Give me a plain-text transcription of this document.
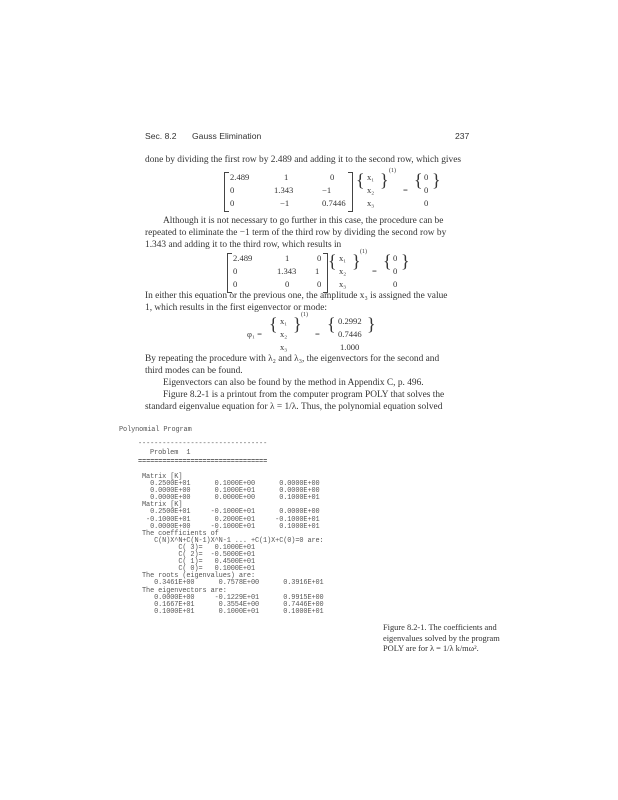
Sec. 8.2 Gauss Elimination	237
done by dividing the first row by 2.489 and adding it to the second row, which gives
2.489	1	0
0	1.343	−1
0	−1	0.7446
{ x₁
x₂
x₃
} (1)
= { 0
0
0
}
Although it is not necessary to go further in this case, the procedure can be
repeated to eliminate the −1 term of the third row by dividing the second row by
1.343 and adding it to the third row, which results in
2.489	1	0
0	1.343 1
0	0	0
{ x₁
x₂
x₃
} (1)
= { 0
0
0
}
In either this equation or the previous one, the amplitude x₃ is assigned the value
1, which results in the first eigenvector or mode:
φ₁ = { x₁
x₂
x₃
} (1)
= { 0.2992
0.7446
1.000
}
By repeating the procedure with λ₂ and λ₃, the eigenvectors for the second and
third modes can be found.
Eigenvectors can also be found by the method in Appendix C, p. 496.
Figure 8.2-1 is a printout from the computer program POLY that solves the
standard eigenvalue equation for λ = 1/λ. Thus, the polynomial equation solved
Polynomial Program
--------------------------------
Problem  1
================================
Matrix [K]
0.2500E+01      0.1000E+00      0.0000E+00
0.0000E+00      0.1000E+01      0.0000E+00
0.0000E+00      0.0000E+00      0.1000E+01
Matrix [K]
0.2500E+01     -0.1000E+01      0.0000E+00
-0.1000E+01      0.2000E+01     -0.1000E+01
0.0000E+00     -0.1000E+01      0.1000E+01
The coefficients of
C(N)X^N+C(N-1)X^N-1 ... +C(1)X+C(0)=0 are:
C( 3)=   0.1000E+01
C( 2)=  -0.5000E+01
C( 1)=   0.4500E+01
C( 0)=   0.1000E+01
The roots (eigenvalues) are:
0.3461E+00      0.7578E+00      0.3916E+01
The eigenvectors are:
0.0000E+00     -0.1229E+01      0.9915E+00
0.1667E+01      0.3554E+00      0.7446E+00
0.1000E+01      0.1000E+01      0.1000E+01
Figure 8.2-1. The coefficients and
eigenvalues solved by the program
POLY are for λ = 1/λ k/mω².
